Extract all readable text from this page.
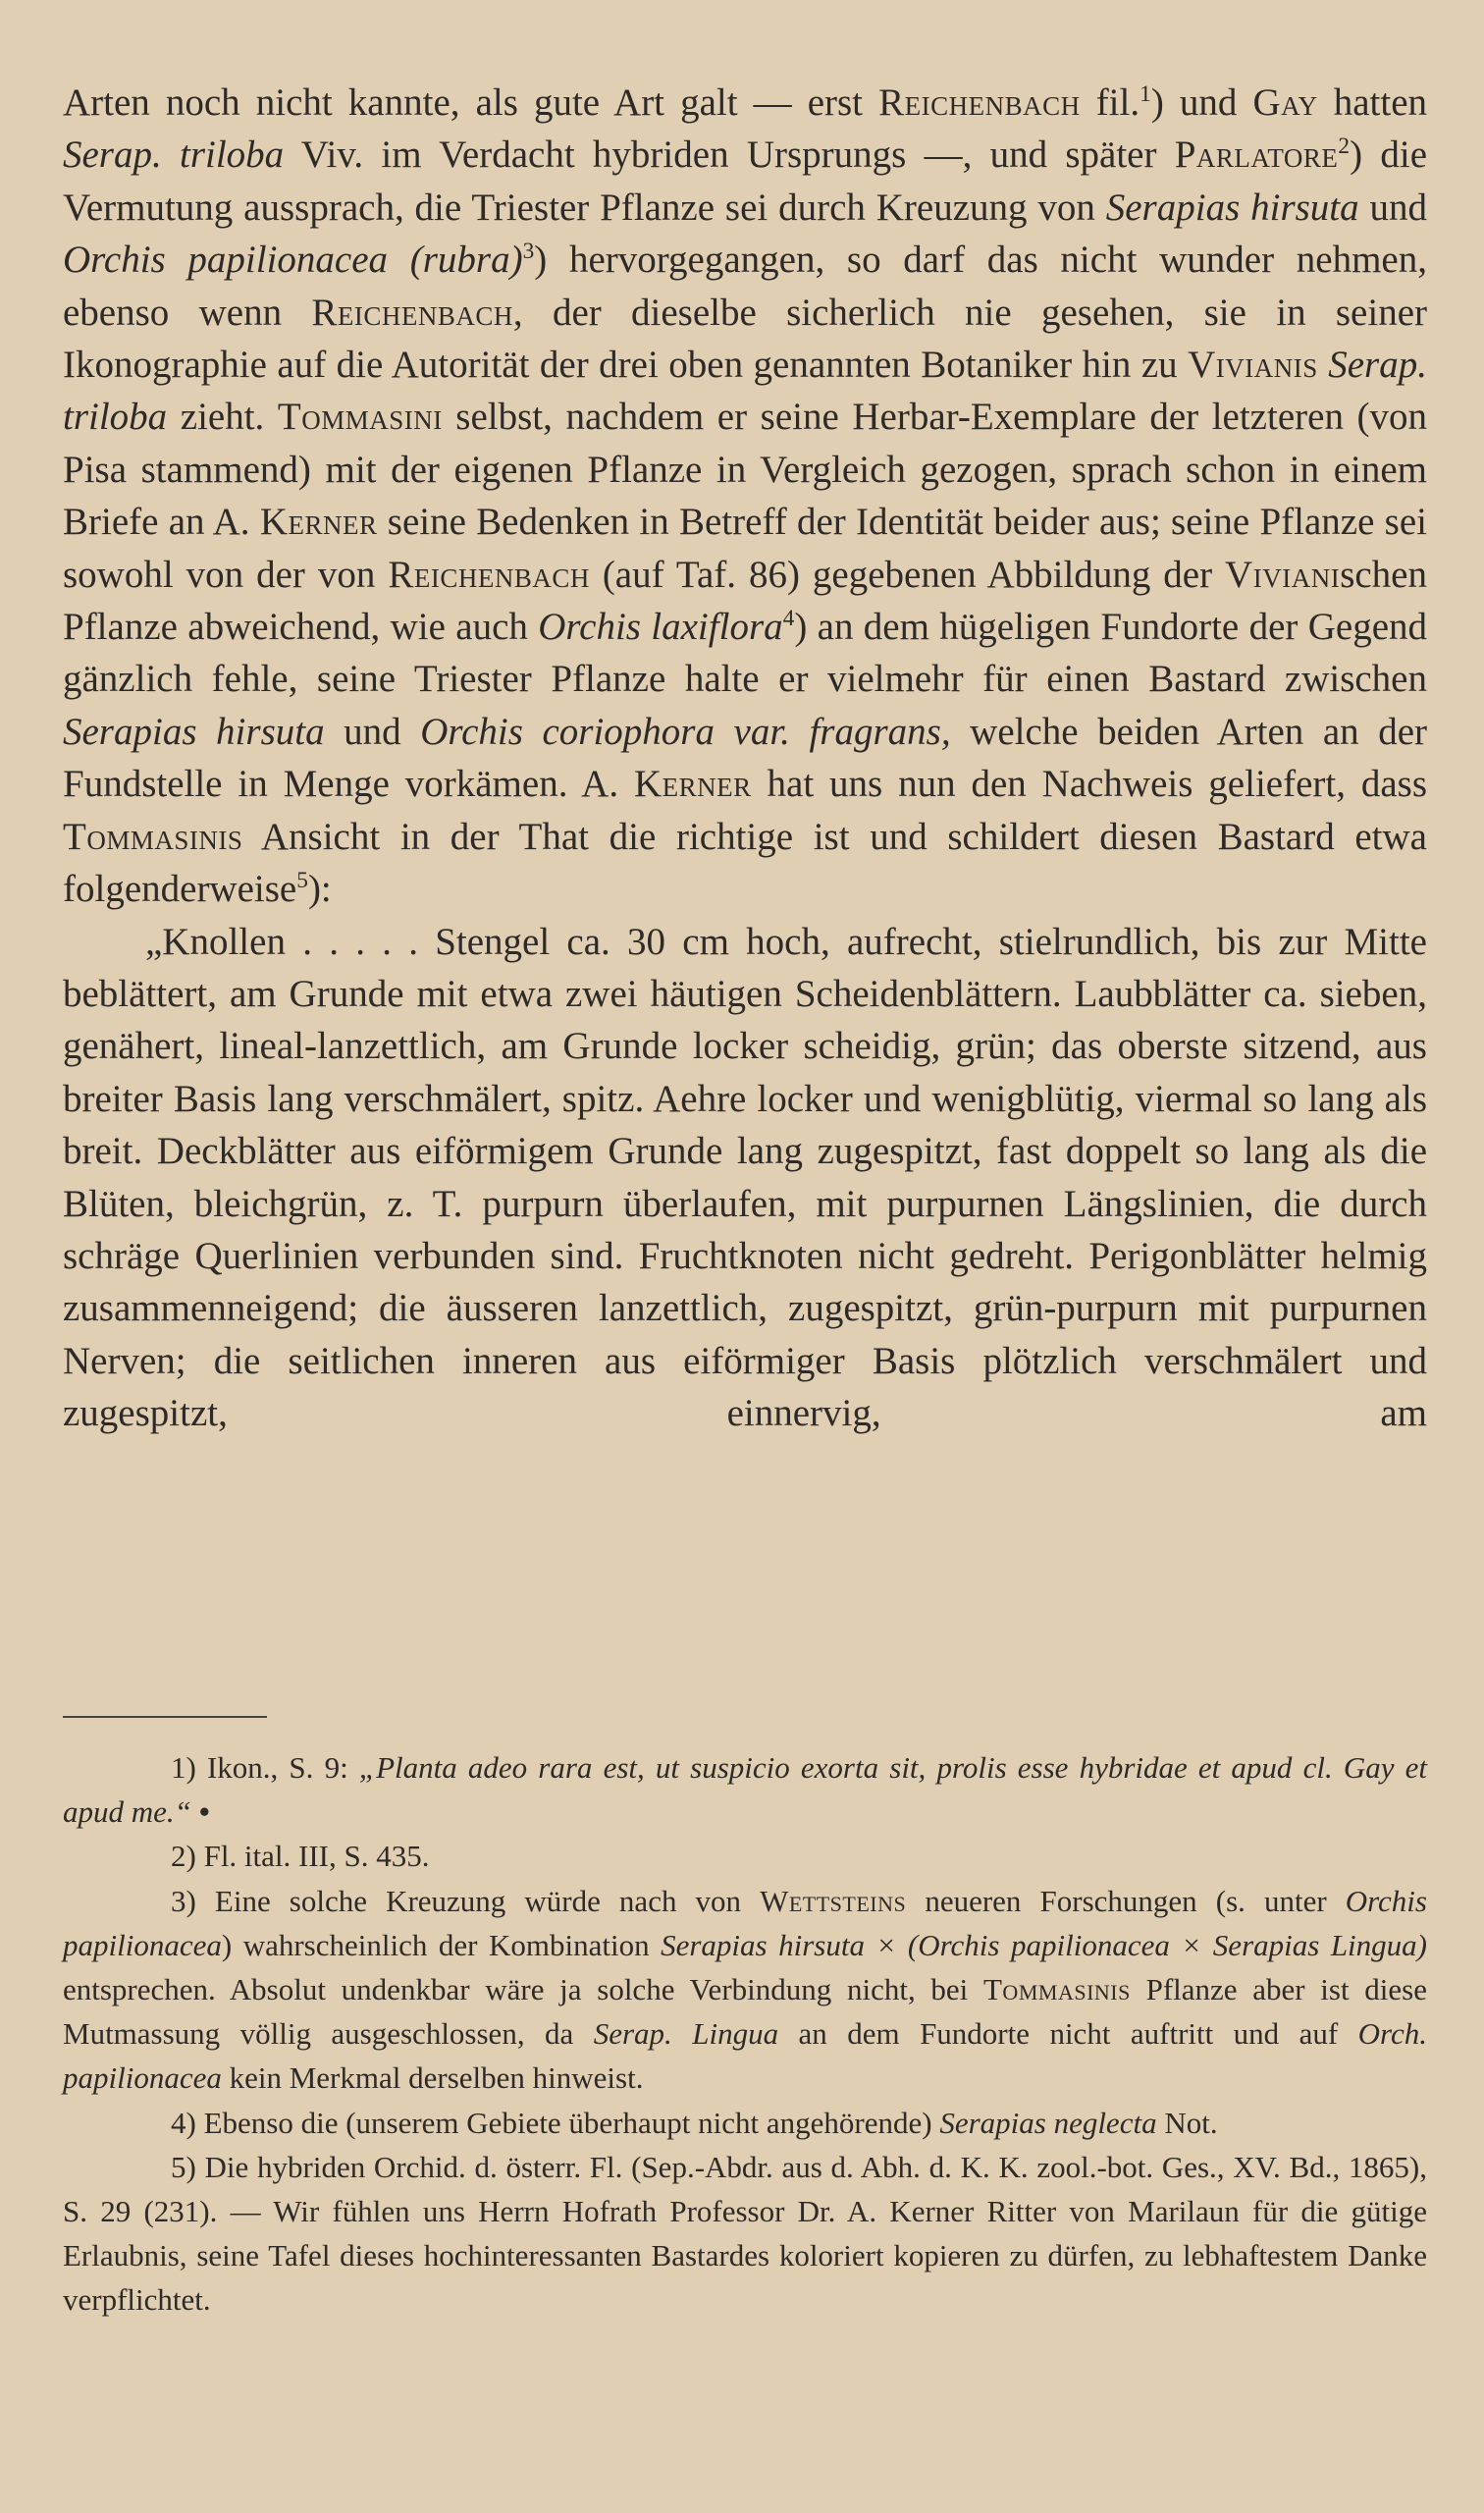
Arten noch nicht kannte, als gute Art galt — erst Reichenbach fil.$^1$) und Gay hatten Serap. triloba Viv. im Verdacht hybriden Ursprungs —, und später Parlatore$^2$) die Vermutung aussprach, die Triester Pflanze sei durch Kreuzung von Serapias hirsuta und Orchis papilionacea (rubra)$^3$) hervorgegangen, so darf das nicht wunder nehmen, ebenso wenn Reichenbach, der dieselbe sicherlich nie gesehen, sie in seiner Ikonographie auf die Autorität der drei oben genannten Botaniker hin zu Vivianis Serap. triloba zieht. Tommasini selbst, nachdem er seine Herbar-Exemplare der letzteren (von Pisa stammend) mit der eigenen Pflanze in Vergleich gezogen, sprach schon in einem Briefe an A. Kerner seine Bedenken in Betreff der Identität beider aus; seine Pflanze sei sowohl von der von Reichenbach (auf Taf. 86) gegebenen Abbildung der Vivianischen Pflanze abweichend, wie auch Orchis laxiflora$^4$) an dem hügeligen Fundorte der Gegend gänzlich fehle, seine Triester Pflanze halte er vielmehr für einen Bastard zwischen Serapias hirsuta und Orchis coriophora var. fragrans, welche beiden Arten an der Fundstelle in Menge vorkämen. A. Kerner hat uns nun den Nachweis geliefert, dass Tommasinis Ansicht in der That die richtige ist und schildert diesen Bastard etwa folgenderweise$^5$):

„Knollen . . . . . Stengel ca. 30 cm hoch, aufrecht, stielrundlich, bis zur Mitte beblättert, am Grunde mit etwa zwei häutigen Scheidenblättern. Laubblätter ca. sieben, genähert, lineal-lanzettlich, am Grunde locker scheidig, grün; das oberste sitzend, aus breiter Basis lang verschmälert, spitz. Aehre locker und wenigblütig, viermal so lang als breit. Deckblätter aus eiförmigem Grunde lang zugespitzt, fast doppelt so lang als die Blüten, bleichgrün, z. T. purpurn überlaufen, mit purpurnen Längslinien, die durch schräge Querlinien verbunden sind. Fruchtknoten nicht gedreht. Perigonblätter helmig zusammenneigend; die äusseren lanzettlich, zugespitzt, grün-purpurn mit purpurnen Nerven; die seitlichen inneren aus eiförmiger Basis plötzlich verschmälert und zugespitzt, einnervig, am

1) Ikon., S. 9: „Planta adeo rara est, ut suspicio exorta sit, prolis esse hybridae et apud cl. Gay et apud me.“ •

2) Fl. ital. III, S. 435.

3) Eine solche Kreuzung würde nach von Wettsteins neueren Forschungen (s. unter Orchis papilionacea) wahrscheinlich der Kombination Serapias hirsuta × (Orchis papilionacea × Serapias Lingua) entsprechen. Absolut undenkbar wäre ja solche Verbindung nicht, bei Tommasinis Pflanze aber ist diese Mutmassung völlig ausgeschlossen, da Serap. Lingua an dem Fundorte nicht auftritt und auf Orch. papilionacea kein Merkmal derselben hinweist.

4) Ebenso die (unserem Gebiete überhaupt nicht angehörende) Serapias neglecta Not.

5) Die hybriden Orchid. d. österr. Fl. (Sep.-Abdr. aus d. Abh. d. K. K. zool.-bot. Ges., XV. Bd., 1865), S. 29 (231). — Wir fühlen uns Herrn Hofrath Professor Dr. A. Kerner Ritter von Marilaun für die gütige Erlaubnis, seine Tafel dieses hochinteressanten Bastardes koloriert kopieren zu dürfen, zu lebhaftestem Danke verpflichtet.
